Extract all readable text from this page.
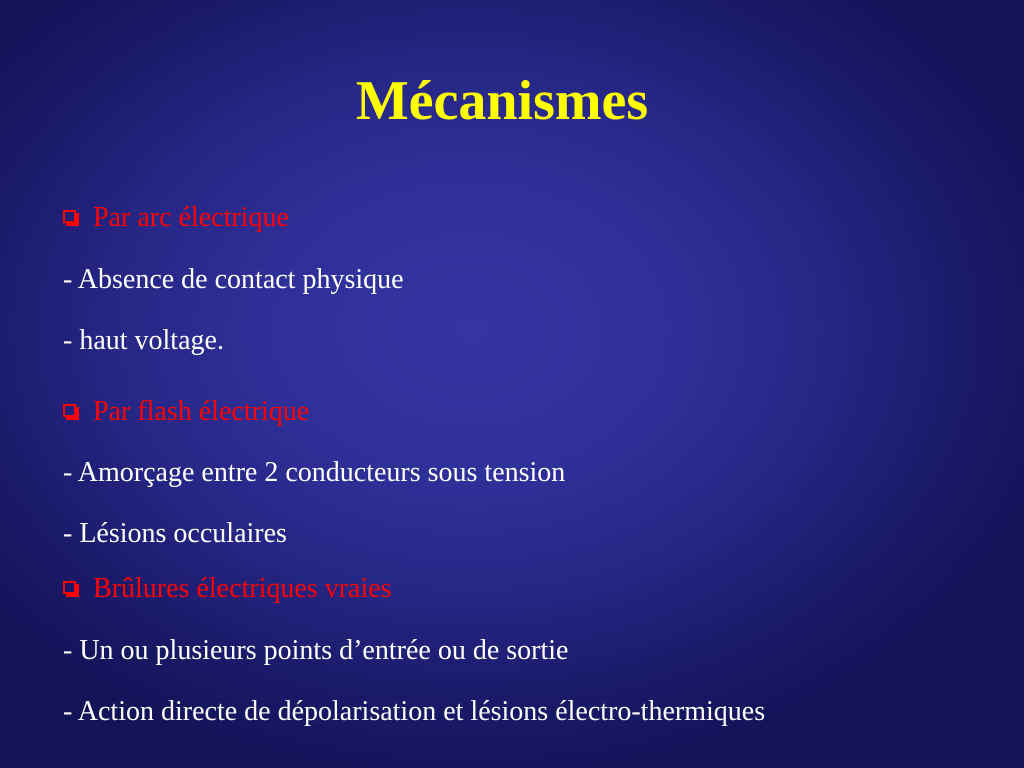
Mécanismes
Par arc électrique
- Absence de contact physique
- haut voltage.
Par flash électrique
- Amorçage entre 2 conducteurs sous tension
- Lésions occulaires
Brûlures électriques vraies
- Un ou plusieurs points d’entrée ou de sortie
- Action directe de dépolarisation et lésions électro-thermiques
